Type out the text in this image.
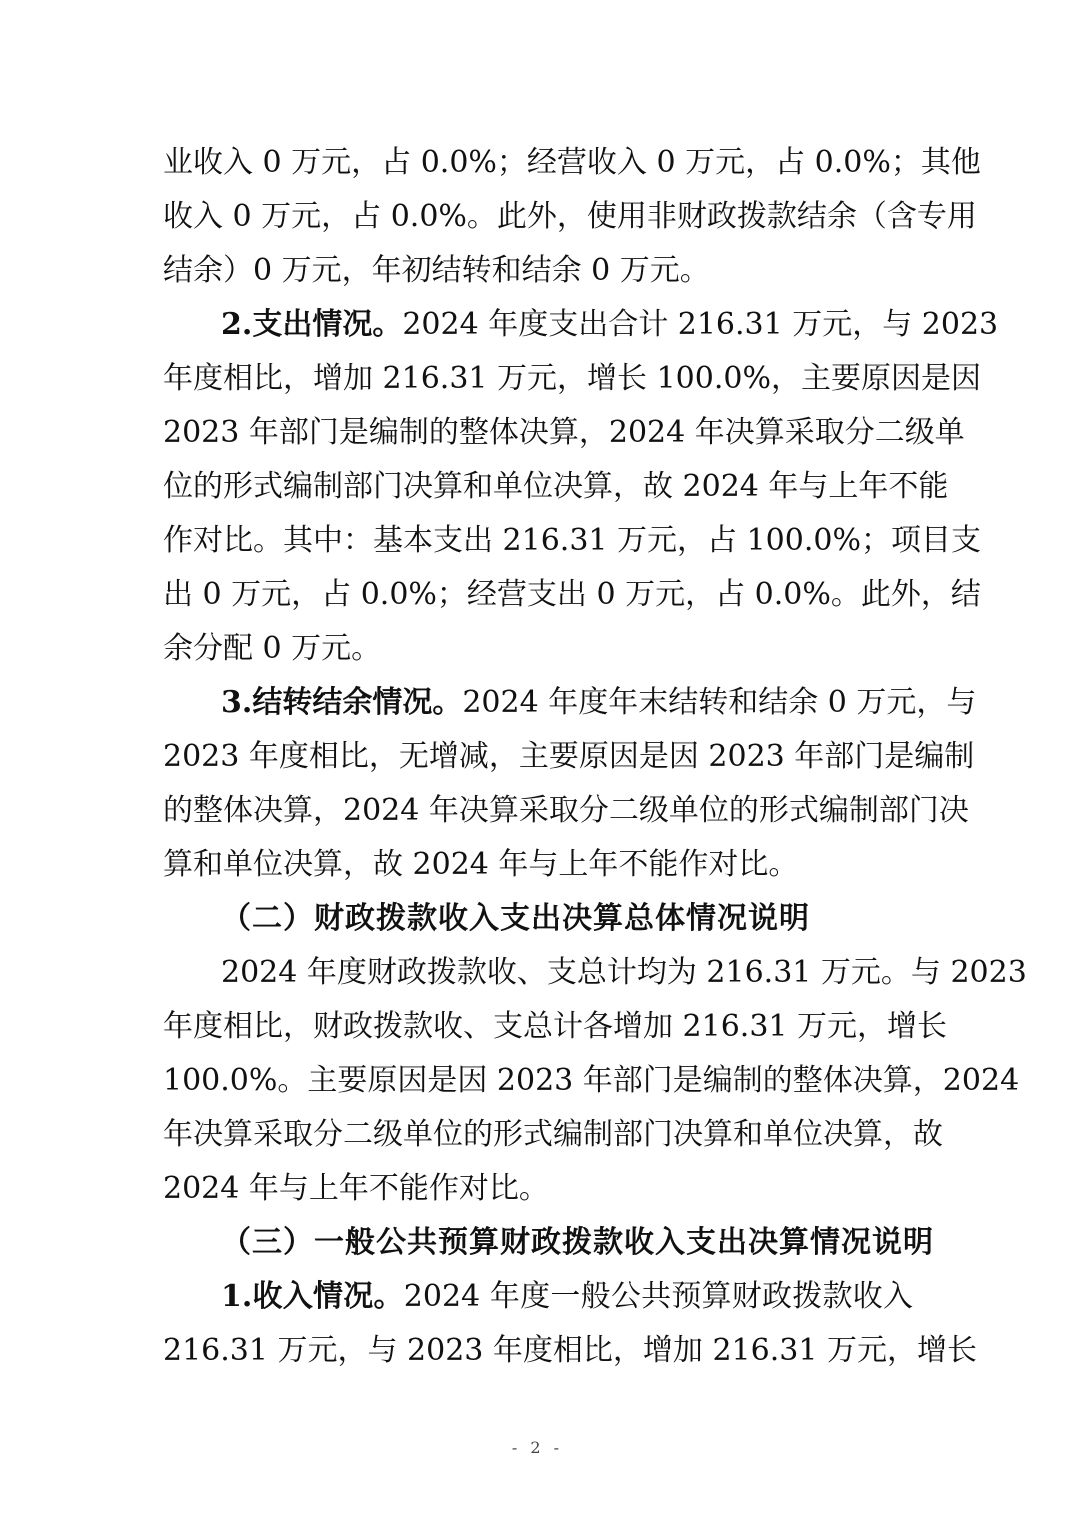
业收入 0 万元，占 0.0%；经营收入 0 万元，占 0.0%；其他
收入 0 万元，占 0.0%。此外，使用非财政拨款结余（含专用
结余）0 万元，年初结转和结余 0 万元。
2.支出情况。2024 年度支出合计 216.31 万元，与 2023
年度相比，增加 216.31 万元，增长 100.0%，主要原因是因
2023 年部门是编制的整体决算，2024 年决算采取分二级单
位的形式编制部门决算和单位决算，故 2024 年与上年不能
作对比。其中：基本支出 216.31 万元，占 100.0%；项目支
出 0 万元，占 0.0%；经营支出 0 万元，占 0.0%。此外，结
余分配 0 万元。
3.结转结余情况。2024 年度年末结转和结余 0 万元，与
2023 年度相比，无增减，主要原因是因 2023 年部门是编制
的整体决算，2024 年决算采取分二级单位的形式编制部门决
算和单位决算，故 2024 年与上年不能作对比。
（二）财政拨款收入支出决算总体情况说明
2024 年度财政拨款收、支总计均为 216.31 万元。与 2023
年度相比，财政拨款收、支总计各增加 216.31 万元，增长
100.0%。主要原因是因 2023 年部门是编制的整体决算，2024
年决算采取分二级单位的形式编制部门决算和单位决算，故
2024 年与上年不能作对比。
（三）一般公共预算财政拨款收入支出决算情况说明
1.收入情况。2024 年度一般公共预算财政拨款收入
216.31 万元，与 2023 年度相比，增加 216.31 万元，增长
- 2 -
